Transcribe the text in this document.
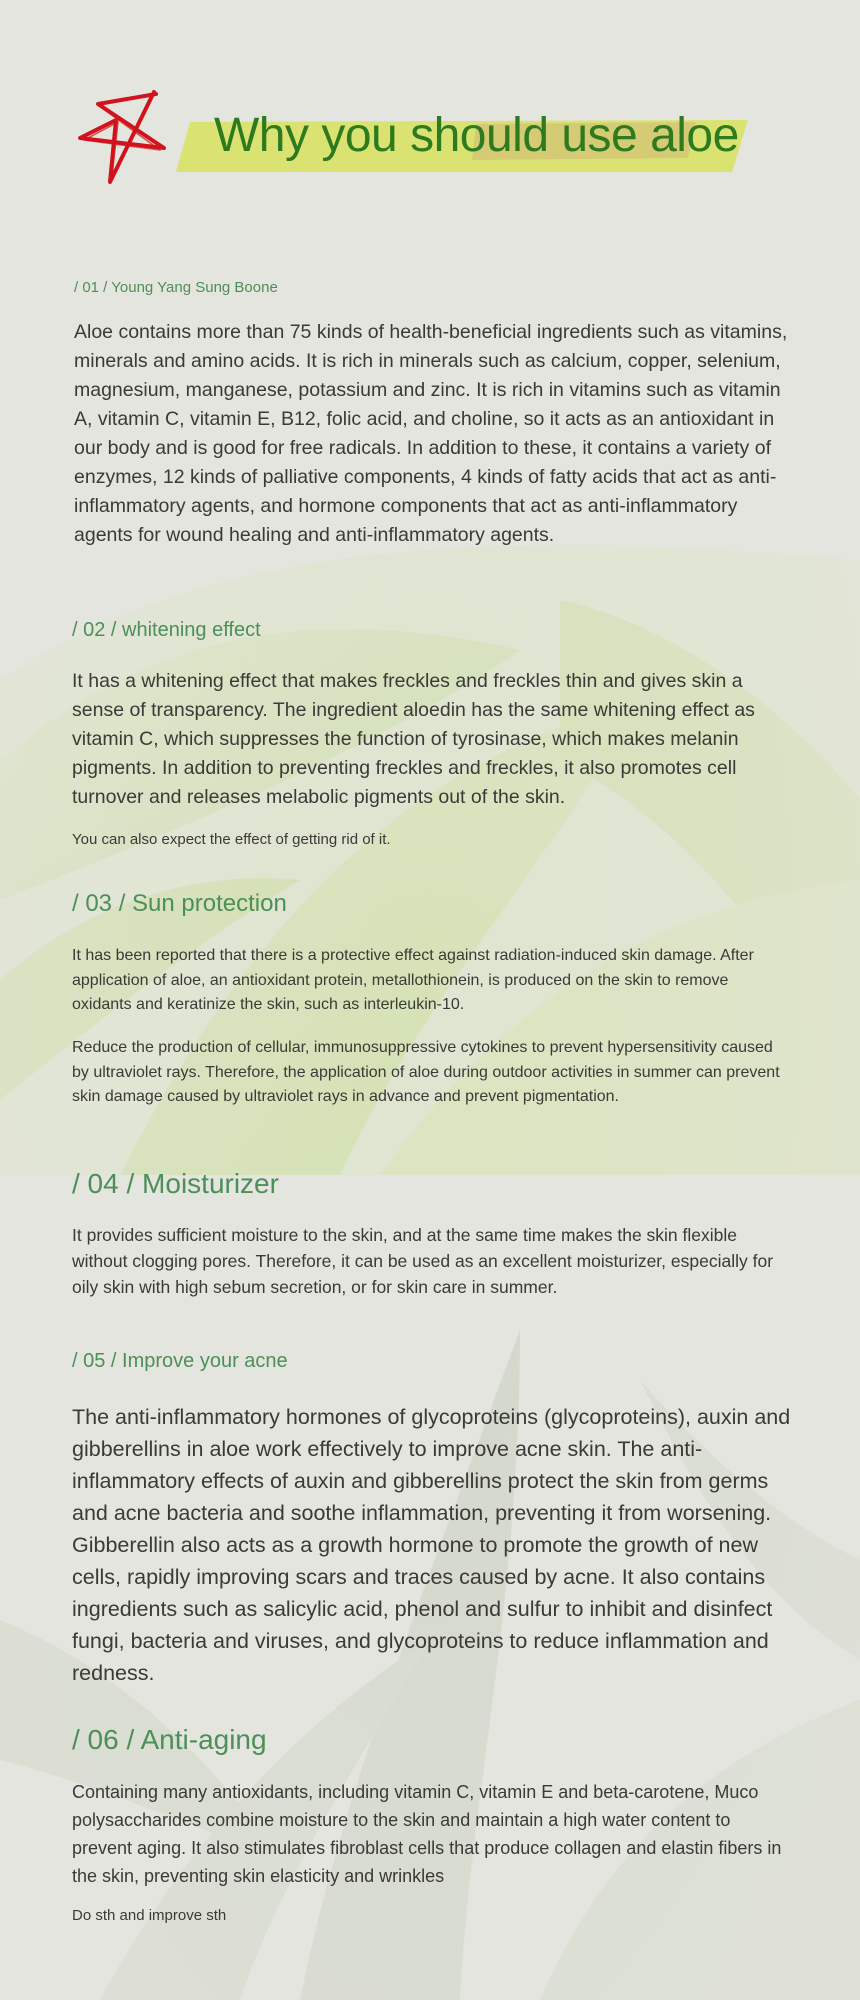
Why you should use aloe

/ 01 / Young Yang Sung Boone

Aloe contains more than 75 kinds of health-beneficial ingredients such as vitamins, minerals and amino acids. It is rich in minerals such as calcium, copper, selenium, magnesium, manganese, potassium and zinc. It is rich in vitamins such as vitamin A, vitamin C, vitamin E, B12, folic acid, and choline, so it acts as an antioxidant in our body and is good for free radicals. In addition to these, it contains a variety of enzymes, 12 kinds of palliative components, 4 kinds of fatty acids that act as anti-inflammatory agents, and hormone components that act as anti-inflammatory agents for wound healing and anti-inflammatory agents.

/ 02 / whitening effect

It has a whitening effect that makes freckles and freckles thin and gives skin a sense of transparency. The ingredient aloedin has the same whitening effect as vitamin C, which suppresses the function of tyrosinase, which makes melanin pigments. In addition to preventing freckles and freckles, it also promotes cell turnover and releases melabolic pigments out of the skin.

You can also expect the effect of getting rid of it.

/ 03 / Sun protection

It has been reported that there is a protective effect against radiation-induced skin damage. After application of aloe, an antioxidant protein, metallothionein, is produced on the skin to remove oxidants and keratinize the skin, such as interleukin-10.

Reduce the production of cellular, immunosuppressive cytokines to prevent hypersensitivity caused by ultraviolet rays. Therefore, the application of aloe during outdoor activities in summer can prevent skin damage caused by ultraviolet rays in advance and prevent pigmentation.

/ 04 / Moisturizer

It provides sufficient moisture to the skin, and at the same time makes the skin flexible without clogging pores. Therefore, it can be used as an excellent moisturizer, especially for oily skin with high sebum secretion, or for skin care in summer.

/ 05 / Improve your acne

The anti-inflammatory hormones of glycoproteins (glycoproteins), auxin and gibberellins in aloe work effectively to improve acne skin. The anti-inflammatory effects of auxin and gibberellins protect the skin from germs and acne bacteria and soothe inflammation, preventing it from worsening. Gibberellin also acts as a growth hormone to promote the growth of new cells, rapidly improving scars and traces caused by acne. It also contains ingredients such as salicylic acid, phenol and sulfur to inhibit and disinfect fungi, bacteria and viruses, and glycoproteins to reduce inflammation and redness.

/ 06 / Anti-aging

Containing many antioxidants, including vitamin C, vitamin E and beta-carotene, Muco polysaccharides combine moisture to the skin and maintain a high water content to prevent aging. It also stimulates fibroblast cells that produce collagen and elastin fibers in the skin, preventing skin elasticity and wrinkles

Do sth and improve sth
